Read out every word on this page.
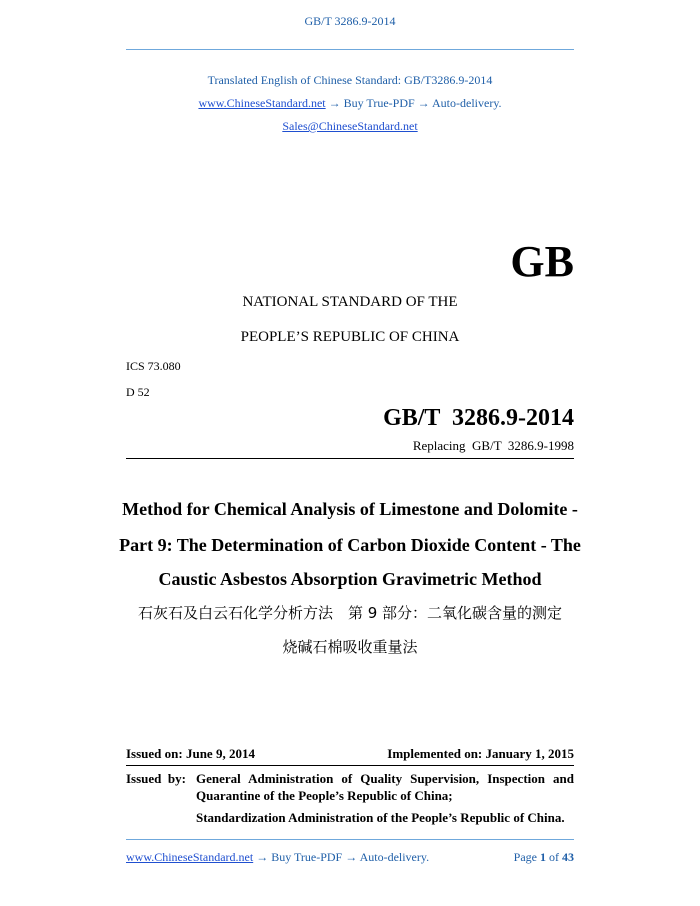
GB/T 3286.9-2014
Translated English of Chinese Standard: GB/T3286.9-2014
www.ChineseStandard.net → Buy True-PDF → Auto-delivery.
Sales@ChineseStandard.net
GB
NATIONAL STANDARD OF THE
PEOPLE’S REPUBLIC OF CHINA
ICS 73.080
D 52
GB/T  3286.9-2014
Replacing  GB/T  3286.9-1998
Method for Chemical Analysis of Limestone and Dolomite -
Part 9: The Determination of Carbon Dioxide Content - The
Caustic Asbestos Absorption Gravimetric Method
石灰石及白云石化学分析方法　第 9 部分：二氧化碳含量的测定
烧碱石棉吸收重量法
Issued on: June 9, 2014	Implemented on: January 1, 2015
Issued  by: General Administration of Quality Supervision, Inspection and
Quarantine of the People’s Republic of China;
Standardization Administration of the People’s Republic of China.
www.ChineseStandard.net → Buy True-PDF → Auto-delivery.	Page 1 of 43
